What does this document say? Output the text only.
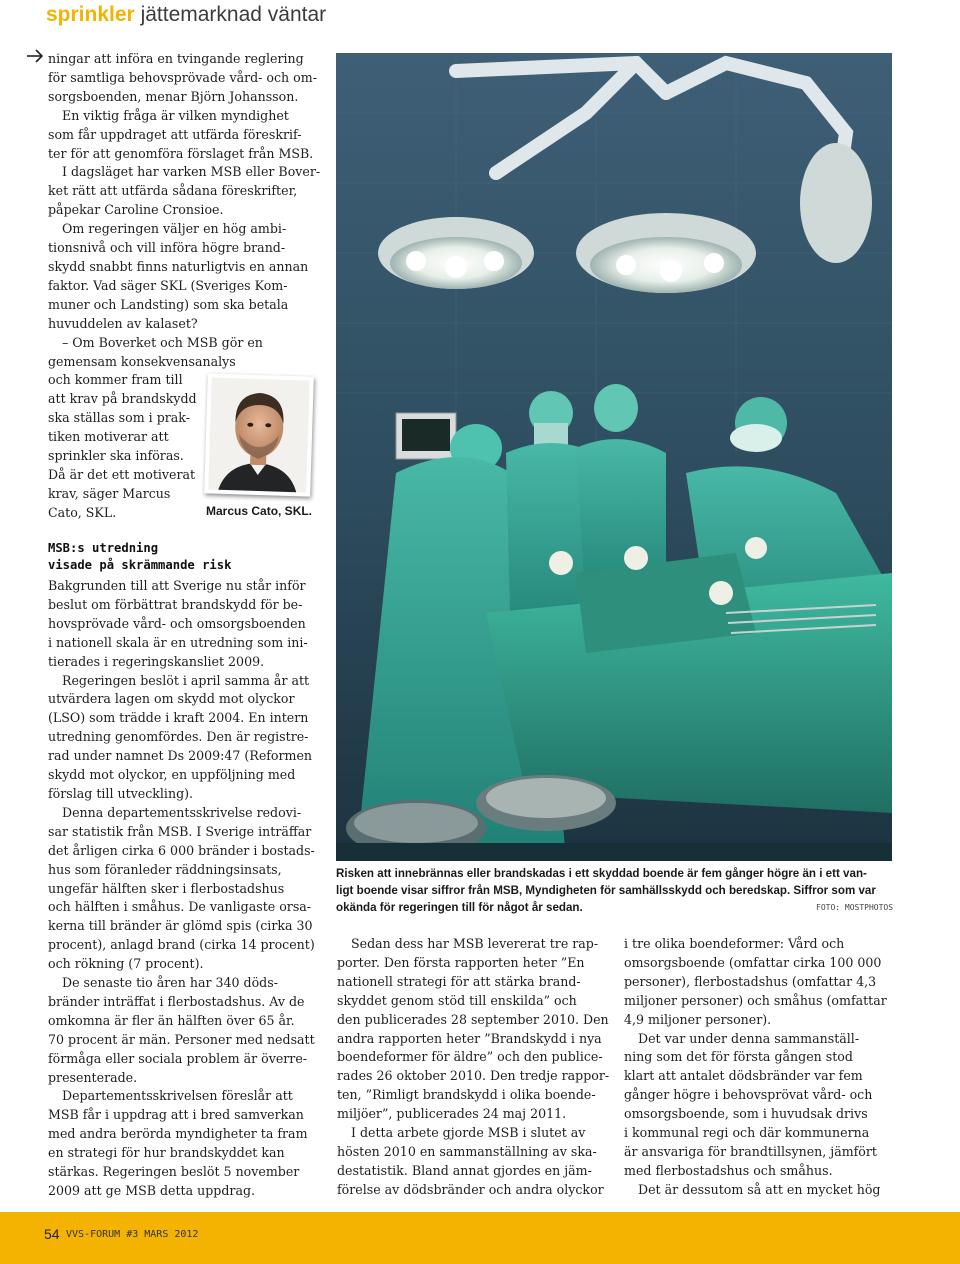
sprinkler jättemarknad väntar

ningar att införa en tvingande reglering

för samtliga behovsprövade vård- och om-

sorgsboenden, menar Björn Johansson.

En viktig fråga är vilken myndighet

som får uppdraget att utfärda föreskrif-

ter för att genomföra förslaget från MSB.

I dagsläget har varken MSB eller Bover-

ket rätt att utfärda sådana föreskrifter,

påpekar Caroline Cronsioe.

Om regeringen väljer en hög ambi-

tionsnivå och vill införa högre brand-

skydd snabbt finns naturligtvis en annan

faktor. Vad säger SKL (Sveriges Kom-

muner och Landsting) som ska betala

huvuddelen av kalaset?

– Om Boverket och MSB gör en

gemensam konsekvensanalys

och kommer fram till

att krav på brandskydd

ska ställas som i prak-

tiken motiverar att

sprinkler ska införas.

Då är det ett motiverat

krav, säger Marcus

Cato, SKL.	Marcus Cato, SKL.
MSB:s utredning
visade på skrämmande risk

Bakgrunden till att Sverige nu står inför

beslut om förbättrat brandskydd för be-

hovsprövade vård- och omsorgsboenden

i nationell skala är en utredning som ini-

tierades i regeringskansliet 2009.

Regeringen beslöt i april samma år att

utvärdera lagen om skydd mot olyckor

(LSO) som trädde i kraft 2004. En intern

utredning genomfördes. Den är registre-

rad under namnet Ds 2009:47 (Reformen

skydd mot olyckor, en uppföljning med

förslag till utveckling).

Denna departementsskrivelse redovi-

sar statistik från MSB. I Sverige inträffar

det årligen cirka 6 000 bränder i bostads-

hus som föranleder räddningsinsats,

ungefär hälften sker i flerbostadshus

och hälften i småhus. De vanligaste orsa-

kerna till bränder är glömd spis (cirka 30

procent), anlagd brand (cirka 14 procent)

och rökning (7 procent).

De senaste tio åren har 340 döds-

bränder inträffat i flerbostadshus. Av de

omkomna är fler än hälften över 65 år.

70 procent är män. Personer med nedsatt

förmåga eller sociala problem är överre-

presenterade.

Departementsskrivelsen föreslår att

MSB får i uppdrag att i bred samverkan

med andra berörda myndigheter ta fram

en strategi för hur brandskyddet kan

stärkas. Regeringen beslöt 5 november

2009 att ge MSB detta uppdrag.

Risken att innebrännas eller brandskadas i ett skyddad boende är fem gånger högre än i ett van-
ligt boende visar siffror från MSB, Myndigheten för samhällsskydd och beredskap. Siffror som var
okända för regeringen till för något år sedan.	FOTO: MOSTPHOTOS

Sedan dess har MSB levererat tre rap-

porter. Den första rapporten heter ”En

nationell strategi för att stärka brand-

skyddet genom stöd till enskilda” och

den publicerades 28 september 2010. Den

andra rapporten heter ”Brandskydd i nya

boendeformer för äldre” och den publice-

rades 26 oktober 2010. Den tredje rappor-

ten, ”Rimligt brandskydd i olika boende-

miljöer”, publicerades 24 maj 2011.

I detta arbete gjorde MSB i slutet av

hösten 2010 en sammanställning av ska-

destatistik. Bland annat gjordes en jäm-

förelse av dödsbränder och andra olyckor

i tre olika boendeformer: Vård och

omsorgsboende (omfattar cirka 100 000

personer), flerbostadshus (omfattar 4,3

miljoner personer) och småhus (omfattar

4,9 miljoner personer).

Det var under denna sammanställ-

ning som det för första gången stod

klart att antalet dödsbränder var fem

gånger högre i behovsprövat vård- och

omsorgsboende, som i huvudsak drivs

i kommunal regi och där kommunerna

är ansvariga för brandtillsynen, jämfört

med flerbostadshus och småhus.

Det är dessutom så att en mycket hög

54 VVS-FORUM #3 MARS 2012
